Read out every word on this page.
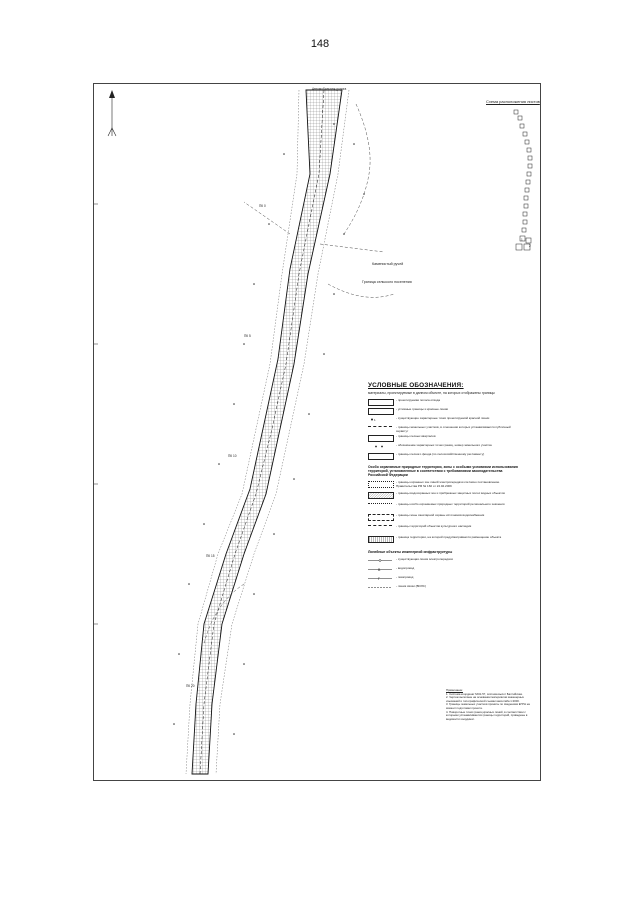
148
Схема расположения листов
Автомобильная дорога
Каменистый ручей
Граница сельского поселения
ПК 0
ПК 5
ПК 10
ПК 15
ПК 20
1
2
УСЛОВНЫЕ ОБОЗНАЧЕНИЯ:
материалы, проектируемые в данном объекте, на которых отображены границы
- проектируемая полоса отвода
- условные границы и красные линии
1	- существующие характерные точки проектируемой красной линии
- границы земельных участков, в отношении которых устанавливается публичный сервитут
- границы лесных кварталов
- обозначение характерных точек границ, номер земельного участка
- границы лесного фонда (по лесохозяйственному регламенту)
Особо охраняемые природные территории, зоны с особыми условиями использования территорий, установленные в соответствии с требованиями законодательства Российской Федерации
- границы охранных зон линий электропередачи согласно постановлению Правительства РФ № 160 от 24.02.2009
- границы водоохранных зон и прибрежных защитных полос водных объектов
- границы особо охраняемых природных территорий регионального значения
- границы зоны санитарной охраны источников водоснабжения
- границы территорий объектов культурного наследия
- граница территории, на которой предусматривается размещение объекта
Линейные объекты инженерной инфраструктуры
- существующая линия электропередачи
В	- водопровод
Г	- газопровод
- линия связи (ВОЛС)
Примечание:
1. Система координат МСК-57, система высот Балтийская.
2. Чертеж выполнен на основании материалов инженерных изысканий и топографической съемки масштаба 1:2000.
3. Границы земельных участков приняты по сведениям ЕГРН на момент подготовки проекта.
4. Поворотные точки границ красных линий, в соответствии с которыми устанавливаются границы территорий, приведены в ведомости координат.
